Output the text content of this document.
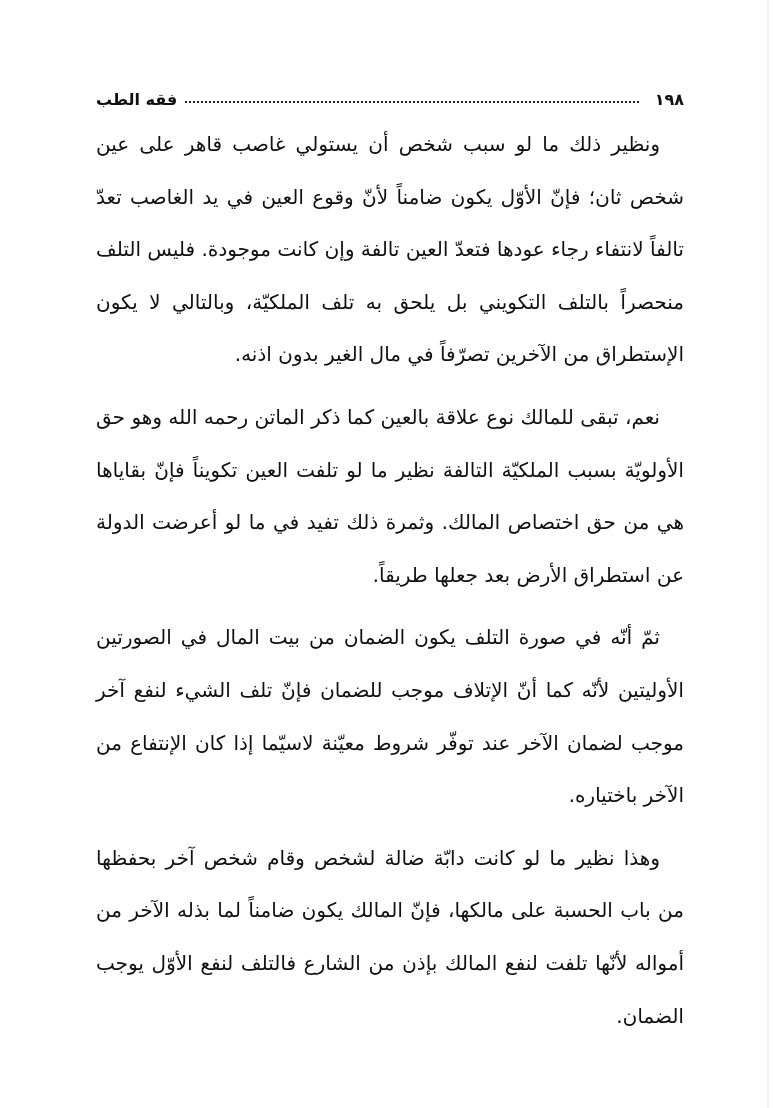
١٩٨
فقه الطب

ونظير ذلك ما لو سبب شخص أن يستولي غاصب قاهر على عين شخص ثان؛ فإنّ الأوّل يكون ضامناً لأنّ وقوع العين في يد الغاصب تعدّ تالفاً لانتفاء رجاء عودها فتعدّ العين تالفة وإن كانت موجودة. فليس التلف منحصراً بالتلف التكويني بل يلحق به تلف الملكيّة، وبالتالي لا يكون الإستطراق من الآخرين تصرّفاً في مال الغير بدون اذنه.

نعم، تبقى للمالك نوع علاقة بالعين كما ذكر الماتن رحمه الله وهو حق الأولويّة بسبب الملكيّة التالفة نظير ما لو تلفت العين تكويناً فإنّ بقاياها هي من حق اختصاص المالك. وثمرة ذلك تفيد في ما لو أعرضت الدولة عن استطراق الأرض بعد جعلها طريقاً.

ثمّ أنّه في صورة التلف يكون الضمان من بيت المال في الصورتين الأوليتين لأنّه كما أنّ الإتلاف موجب للضمان فإنّ تلف الشيء لنفع آخر موجب لضمان الآخر عند توفّر شروط معيّنة لاسيّما إذا كان الإنتفاع من الآخر باختياره.

وهذا نظير ما لو كانت دابّة ضالة لشخص وقام شخص آخر بحفظها من باب الحسبة على مالكها، فإنّ المالك يكون ضامناً لما بذله الآخر من أمواله لأنّها تلفت لنفع المالك بإذن من الشارع فالتلف لنفع الأوّل يوجب الضمان.
